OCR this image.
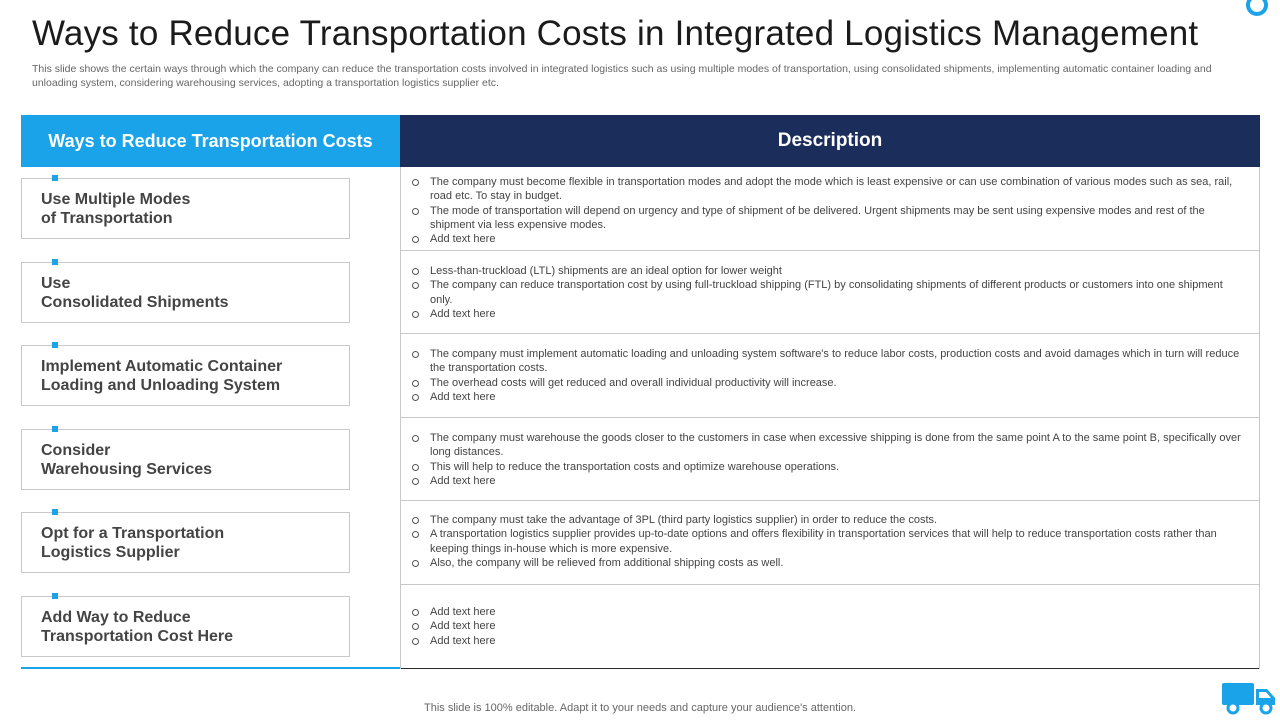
Ways to Reduce Transportation Costs in Integrated Logistics Management
This slide shows the certain ways through which the company can reduce the transportation costs involved in integrated logistics such as using multiple modes of transportation, using consolidated shipments, implementing automatic container loading and unloading system, considering warehousing services, adopting a transportation logistics supplier etc.
Ways to Reduce Transportation Costs	Description
Use Multiple Modes
of Transportation
Use
Consolidated Shipments
Implement Automatic Container
Loading and Unloading System
Consider
Warehousing Services
Opt for a Transportation
Logistics Supplier
Add Way to Reduce
Transportation Cost Here
The company must become flexible in transportation modes and adopt the mode which is least expensive or can use combination of various modes such as sea, rail, road etc. To stay in budget.
The mode of transportation will depend on urgency and type of shipment of be delivered. Urgent shipments may be sent using expensive modes and rest of the shipment via less expensive modes.
Add text here
Less-than-truckload (LTL) shipments are an ideal option for lower weight
The company can reduce transportation cost by using full-truckload shipping (FTL) by consolidating shipments of different products or customers into one shipment only.
Add text here
The company must implement automatic loading and unloading system software's to reduce labor costs, production costs and avoid damages which in turn will reduce the transportation costs.
The overhead costs will get reduced and overall individual productivity will increase.
Add text here
The company must warehouse the goods closer to the customers in case when excessive shipping is done from the same point A to the same point B, specifically over long distances.
This will help to reduce the transportation costs and optimize warehouse operations.
Add text here
The company must take the advantage of 3PL (third party logistics supplier) in order to reduce the costs.
A transportation logistics supplier provides up-to-date options and offers flexibility in transportation services that will help to reduce transportation costs rather than keeping things in-house which is more expensive.
Also, the company will be relieved from additional shipping costs as well.
Add text here
Add text here
Add text here
This slide is 100% editable. Adapt it to your needs and capture your audience's attention.
